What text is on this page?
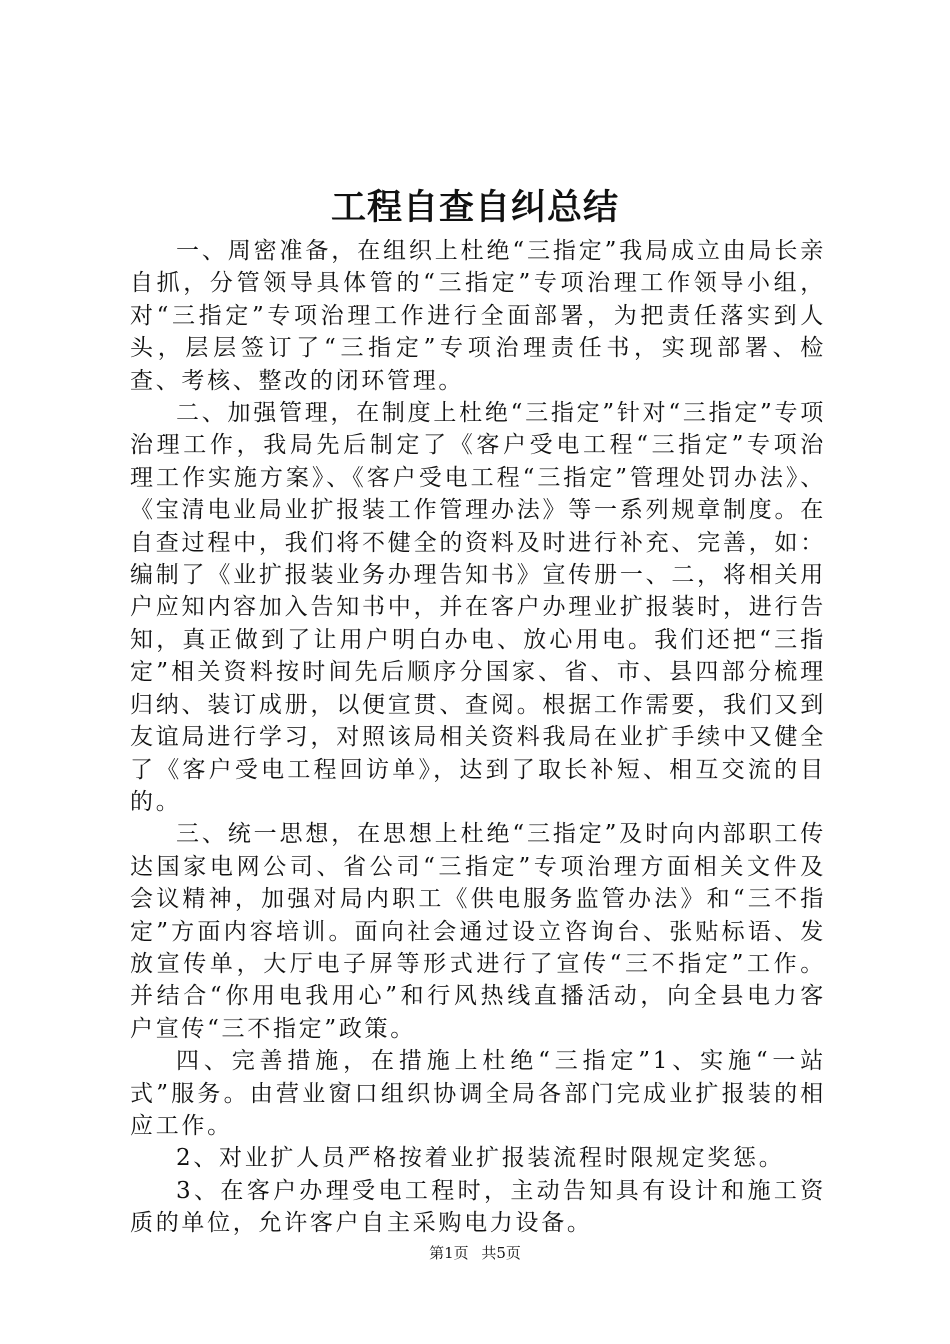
工程自查自纠总结

一、周密准备，在组织上杜绝“三指定”我局成立由局长亲自抓，分管领导具体管的“三指定”专项治理工作领导小组，对“三指定”专项治理工作进行全面部署，为把责任落实到人头，层层签订了“三指定”专项治理责任书，实现部署、检查、考核、整改的闭环管理。

二、加强管理，在制度上杜绝“三指定”针对“三指定”专项治理工作，我局先后制定了《客户受电工程“三指定”专项治理工作实施方案》、《客户受电工程“三指定”管理处罚办法》、《宝清电业局业扩报装工作管理办法》等一系列规章制度。在自查过程中，我们将不健全的资料及时进行补充、完善，如：编制了《业扩报装业务办理告知书》宣传册一、二，将相关用户应知内容加入告知书中，并在客户办理业扩报装时，进行告知，真正做到了让用户明白办电、放心用电。我们还把“三指定”相关资料按时间先后顺序分国家、省、市、县四部分梳理归纳、装订成册，以便宣贯、查阅。根据工作需要，我们又到友谊局进行学习，对照该局相关资料我局在业扩手续中又健全了《客户受电工程回访单》，达到了取长补短、相互交流的目的。

三、统一思想，在思想上杜绝“三指定”及时向内部职工传达国家电网公司、省公司“三指定”专项治理方面相关文件及会议精神，加强对局内职工《供电服务监管办法》和“三不指定”方面内容培训。面向社会通过设立咨询台、张贴标语、发放宣传单，大厅电子屏等形式进行了宣传“三不指定”工作。并结合“你用电我用心”和行风热线直播活动，向全县电力客户宣传“三不指定”政策。

四、完善措施，在措施上杜绝“三指定”1、实施“一站式”服务。由营业窗口组织协调全局各部门完成业扩报装的相应工作。

2、对业扩人员严格按着业扩报装流程时限规定奖惩。

3、在客户办理受电工程时，主动告知具有设计和施工资质的单位，允许客户自主采购电力设备。

第1页 共5页
